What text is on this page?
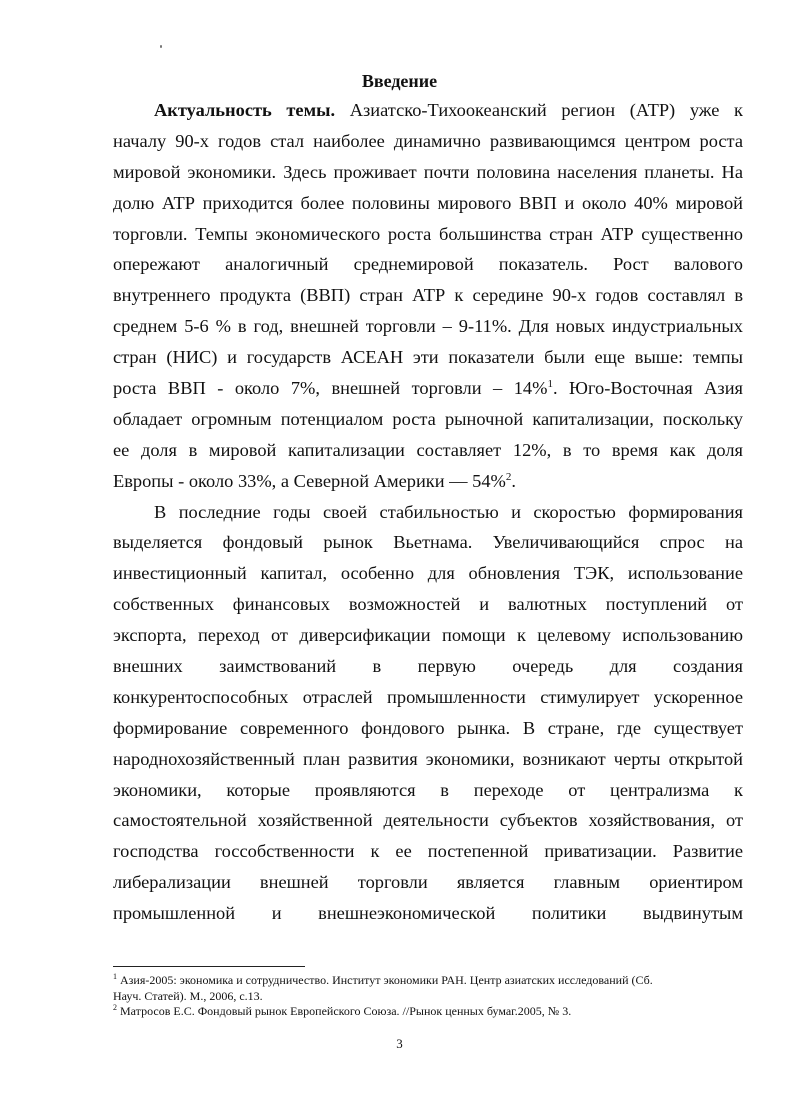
Введение
Актуальность темы. Азиатско-Тихоокеанский регион (АТР) уже к
началу 90-х годов стал наиболее динамично развивающимся центром роста
мировой экономики. Здесь проживает почти половина населения планеты. На
долю АТР приходится более половины мирового ВВП и около 40% мировой
торговли. Темпы экономического роста большинства стран АТР существенно
опережают аналогичный среднемировой показатель. Рост валового
внутреннего продукта (ВВП) стран АТР к середине 90-х годов составлял в
среднем 5-6 % в год, внешней торговли – 9-11%. Для новых индустриальных
стран (НИС) и государств АСЕАН эти показатели были еще выше: темпы
роста ВВП - около 7%, внешней торговли – 14%$^1$. Юго-Восточная Азия
обладает огромным потенциалом роста рыночной капитализации, поскольку
ее доля в мировой капитализации составляет 12%, в то время как доля
Европы - около 33%, а Северной Америки — 54%$^2$.
В последние годы своей стабильностью и скоростью формирования
выделяется фондовый рынок Вьетнама. Увеличивающийся спрос на
инвестиционный капитал, особенно для обновления ТЭК, использование
собственных финансовых возможностей и валютных поступлений от
экспорта, переход от диверсификации помощи к целевому использованию
внешних заимствований в первую очередь для создания
конкурентоспособных отраслей промышленности стимулирует ускоренное
формирование современного фондового рынка. В стране, где существует
народнохозяйственный план развития экономики, возникают черты открытой
экономики, которые проявляются в переходе от централизма к
самостоятельной хозяйственной деятельности субъектов хозяйствования, от
господства госсобственности к ее постепенной приватизации. Развитие
либерализации внешней торговли является главным ориентиром
промышленной и внешнеэкономической политики выдвинутым
$^1$ Азия-2005: экономика и сотрудничество. Институт экономики РАН. Центр азиатских исследований (Сб.
Науч. Статей). М., 2006, с.13.
$^2$ Матросов Е.С. Фондовый рынок Европейского Союза. //Рынок ценных бумаг.2005, № 3.
3
